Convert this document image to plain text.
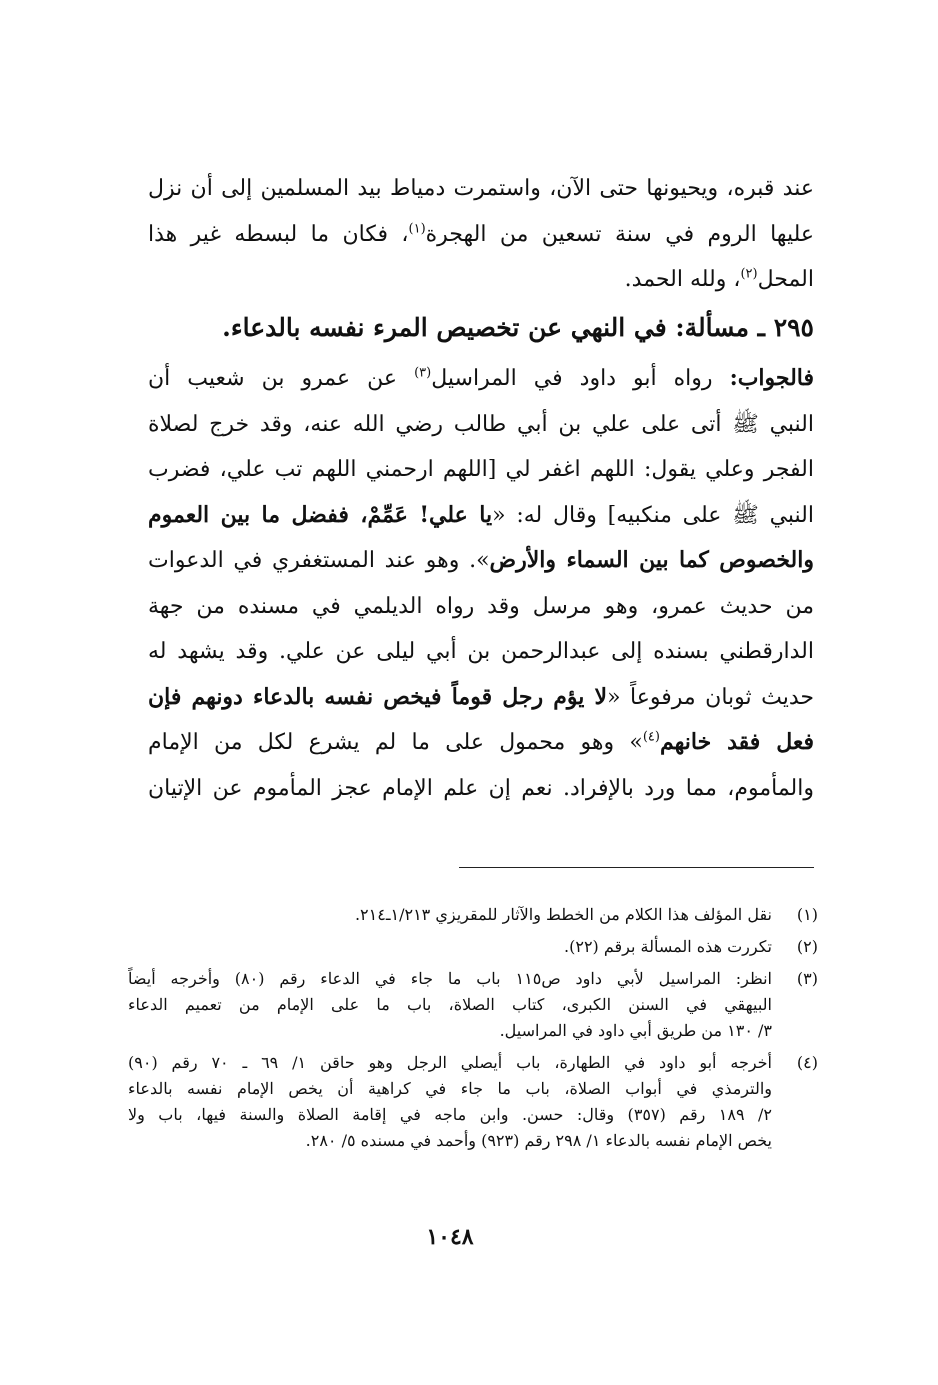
عند قبره، ويحيونها حتى الآن، واستمرت دمياط بيد المسلمين إلى أن نزل
عليها الروم في سنة تسعين من الهجرة$^{(١)}$، فكان ما لبسطه غير هذا
المحل$^{(٢)}$، ولله الحمد.
٢٩٥ ـ مسألة: في النهي عن تخصيص المرء نفسه بالدعاء.
فالجواب: رواه أبو داود في المراسيل$^{(٣)}$ عن عمرو بن شعيب أن
النبي ﷺ أتى على علي بن أبي طالب رضي الله عنه، وقد خرج لصلاة
الفجر وعلي يقول: اللهم اغفر لي [اللهم ارحمني اللهم تب علي، فضرب
النبي ﷺ على منكبيه] وقال له: «يا علي! عَمِّمْ، ففضل ما بين العموم
والخصوص كما بين السماء والأرض». وهو عند المستغفري في الدعوات
من حديث عمرو، وهو مرسل وقد رواه الديلمي في مسنده من جهة
الدارقطني بسنده إلى عبدالرحمن بن أبي ليلى عن علي. وقد يشهد له
حديث ثوبان مرفوعاً «لا يؤم رجل قوماً فيخص نفسه بالدعاء دونهم فإن
فعل فقد خانهم$^{(٤)}$» وهو محمول على ما لم يشرع لكل من الإمام
والمأموم، مما ورد بالإفراد. نعم إن علم الإمام عجز المأموم عن الإتيان
(١)
نقل المؤلف هذا الكلام من الخطط والآثار للمقريزي ١/٢١٣ـ٢١٤.
(٢)
تكررت هذه المسألة برقم (٢٢).
(٣)
انظر: المراسيل لأبي داود ص١١٥ باب ما جاء في الدعاء رقم (٨٠) وأخرجه أيضاً
البيهقي في السنن الكبرى، كتاب الصلاة، باب ما على الإمام من تعميم الدعاء
٣/ ١٣٠ من طريق أبي داود في المراسيل.
(٤)
أخرجه أبو داود في الطهارة، باب أيصلي الرجل وهو حاقن ١/ ٦٩ ـ ٧٠ رقم (٩٠)
والترمذي في أبواب الصلاة، باب ما جاء في كراهية أن يخص الإمام نفسه بالدعاء
٢/ ١٨٩ رقم (٣٥٧) وقال: حسن. وابن ماجه في إقامة الصلاة والسنة فيها، باب ولا
يخص الإمام نفسه بالدعاء ١/ ٢٩٨ رقم (٩٢٣) وأحمد في مسنده ٥/ ٢٨٠.
١٠٤٨
